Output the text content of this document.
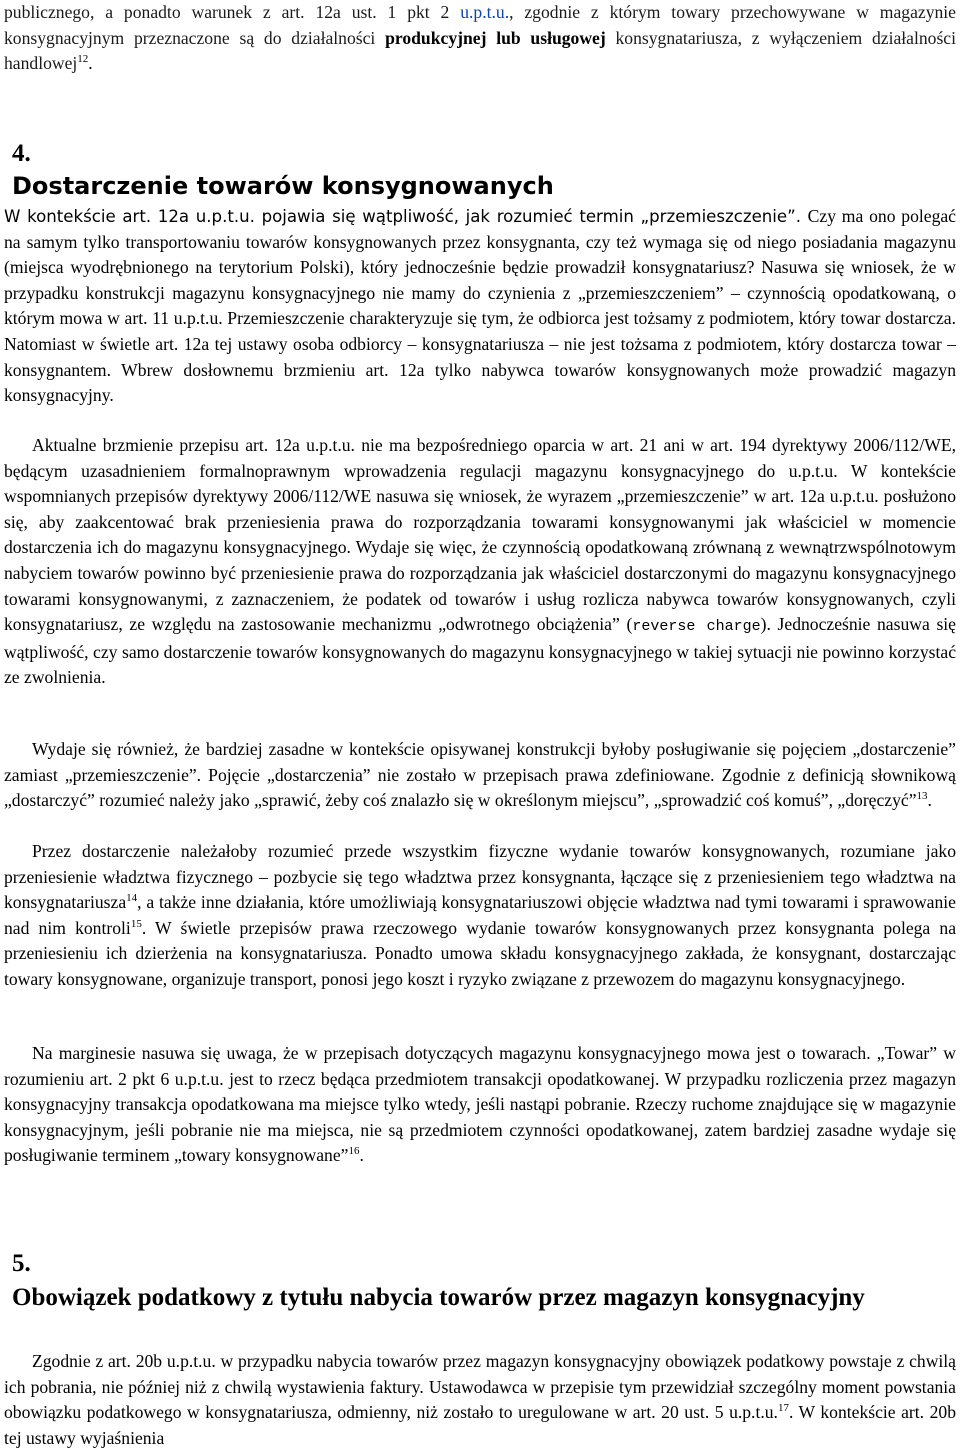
publicznego, a ponadto warunek z art. 12a ust. 1 pkt 2 u.p.t.u., zgodnie z którym towary przechowywane w magazynie konsygnacyjnym przeznaczone są do działalności produkcyjnej lub usługowej konsygnatariusza, z wyłączeniem działalności handlowej$^{12}$.

4.
Dostarczenie towarów konsygnowanych

W kontekście art. 12a u.p.t.u. pojawia się wątpliwość, jak rozumieć termin „przemieszczenie”. Czy ma ono polegać na samym tylko transportowaniu towarów konsygnowanych przez konsygnanta, czy też wymaga się od niego posiadania magazynu (miejsca wyodrębnionego na terytorium Polski), który jednocześnie będzie prowadził konsygnatariusz? Nasuwa się wniosek, że w przypadku konstrukcji magazynu konsygnacyjnego nie mamy do czynienia z „przemieszczeniem” – czynnością opodatkowaną, o którym mowa w art. 11 u.p.t.u. Przemieszczenie charakteryzuje się tym, że odbiorca jest tożsamy z podmiotem, który towar dostarcza. Natomiast w świetle art. 12a tej ustawy osoba odbiorcy – konsygnatariusza – nie jest tożsama z podmiotem, który dostarcza towar – konsygnantem. Wbrew dosłownemu brzmieniu art. 12a tylko nabywca towarów konsygnowanych może prowadzić magazyn konsygnacyjny.

Aktualne brzmienie przepisu art. 12a u.p.t.u. nie ma bezpośredniego oparcia w art. 21 ani w art. 194 dyrektywy 2006/112/WE, będącym uzasadnieniem formalnoprawnym wprowadzenia regulacji magazynu konsygnacyjnego do u.p.t.u. W kontekście wspomnianych przepisów dyrektywy 2006/112/WE nasuwa się wniosek, że wyrazem „przemieszczenie” w art. 12a u.p.t.u. posłużono się, aby zaakcentować brak przeniesienia prawa do rozporządzania towarami konsygnowanymi jak właściciel w momencie dostarczenia ich do magazynu konsygnacyjnego. Wydaje się więc, że czynnością opodatkowaną zrównaną z wewnątrzwspólnotowym nabyciem towarów powinno być przeniesienie prawa do rozporządzania jak właściciel dostarczonymi do magazynu konsygnacyjnego towarami konsygnowanymi, z zaznaczeniem, że podatek od towarów i usług rozlicza nabywca towarów konsygnowanych, czyli konsygnatariusz, ze względu na zastosowanie mechanizmu „odwrotnego obciążenia” (reverse charge). Jednocześnie nasuwa się wątpliwość, czy samo dostarczenie towarów konsygnowanych do magazynu konsygnacyjnego w takiej sytuacji nie powinno korzystać ze zwolnienia.

Wydaje się również, że bardziej zasadne w kontekście opisywanej konstrukcji byłoby posługiwanie się pojęciem „dostarczenie” zamiast „przemieszczenie”. Pojęcie „dostarczenia” nie zostało w przepisach prawa zdefiniowane. Zgodnie z definicją słownikową „dostarczyć” rozumieć należy jako „sprawić, żeby coś znalazło się w określonym miejscu”, „sprowadzić coś komuś”, „doręczyć”$^{13}$.

Przez dostarczenie należałoby rozumieć przede wszystkim fizyczne wydanie towarów konsygnowanych, rozumiane jako przeniesienie władztwa fizycznego – pozbycie się tego władztwa przez konsygnanta, łączące się z przeniesieniem tego władztwa na konsygnatariusza$^{14}$, a także inne działania, które umożliwiają konsygnatariuszowi objęcie władztwa nad tymi towarami i sprawowanie nad nim kontroli$^{15}$. W świetle przepisów prawa rzeczowego wydanie towarów konsygnowanych przez konsygnanta polega na przeniesieniu ich dzierżenia na konsygnatariusza. Ponadto umowa składu konsygnacyjnego zakłada, że konsygnant, dostarczając towary konsygnowane, organizuje transport, ponosi jego koszt i ryzyko związane z przewozem do magazynu konsygnacyjnego.

Na marginesie nasuwa się uwaga, że w przepisach dotyczących magazynu konsygnacyjnego mowa jest o towarach. „Towar” w rozumieniu art. 2 pkt 6 u.p.t.u. jest to rzecz będąca przedmiotem transakcji opodatkowanej. W przypadku rozliczenia przez magazyn konsygnacyjny transakcja opodatkowana ma miejsce tylko wtedy, jeśli nastąpi pobranie. Rzeczy ruchome znajdujące się w magazynie konsygnacyjnym, jeśli pobranie nie ma miejsca, nie są przedmiotem czynności opodatkowanej, zatem bardziej zasadne wydaje się posługiwanie terminem „towary konsygnowane”$^{16}$.

5.
Obowiązek podatkowy z tytułu nabycia towarów przez magazyn konsygnacyjny

Zgodnie z art. 20b u.p.t.u. w przypadku nabycia towarów przez magazyn konsygnacyjny obowiązek podatkowy powstaje z chwilą ich pobrania, nie później niż z chwilą wystawienia faktury. Ustawodawca w przepisie tym przewidział szczególny moment powstania obowiązku podatkowego w konsygnatariusza, odmienny, niż zostało to uregulowane w art. 20 ust. 5 u.p.t.u.$^{17}$. W kontekście art. 20b tej ustawy wyjaśnienia
